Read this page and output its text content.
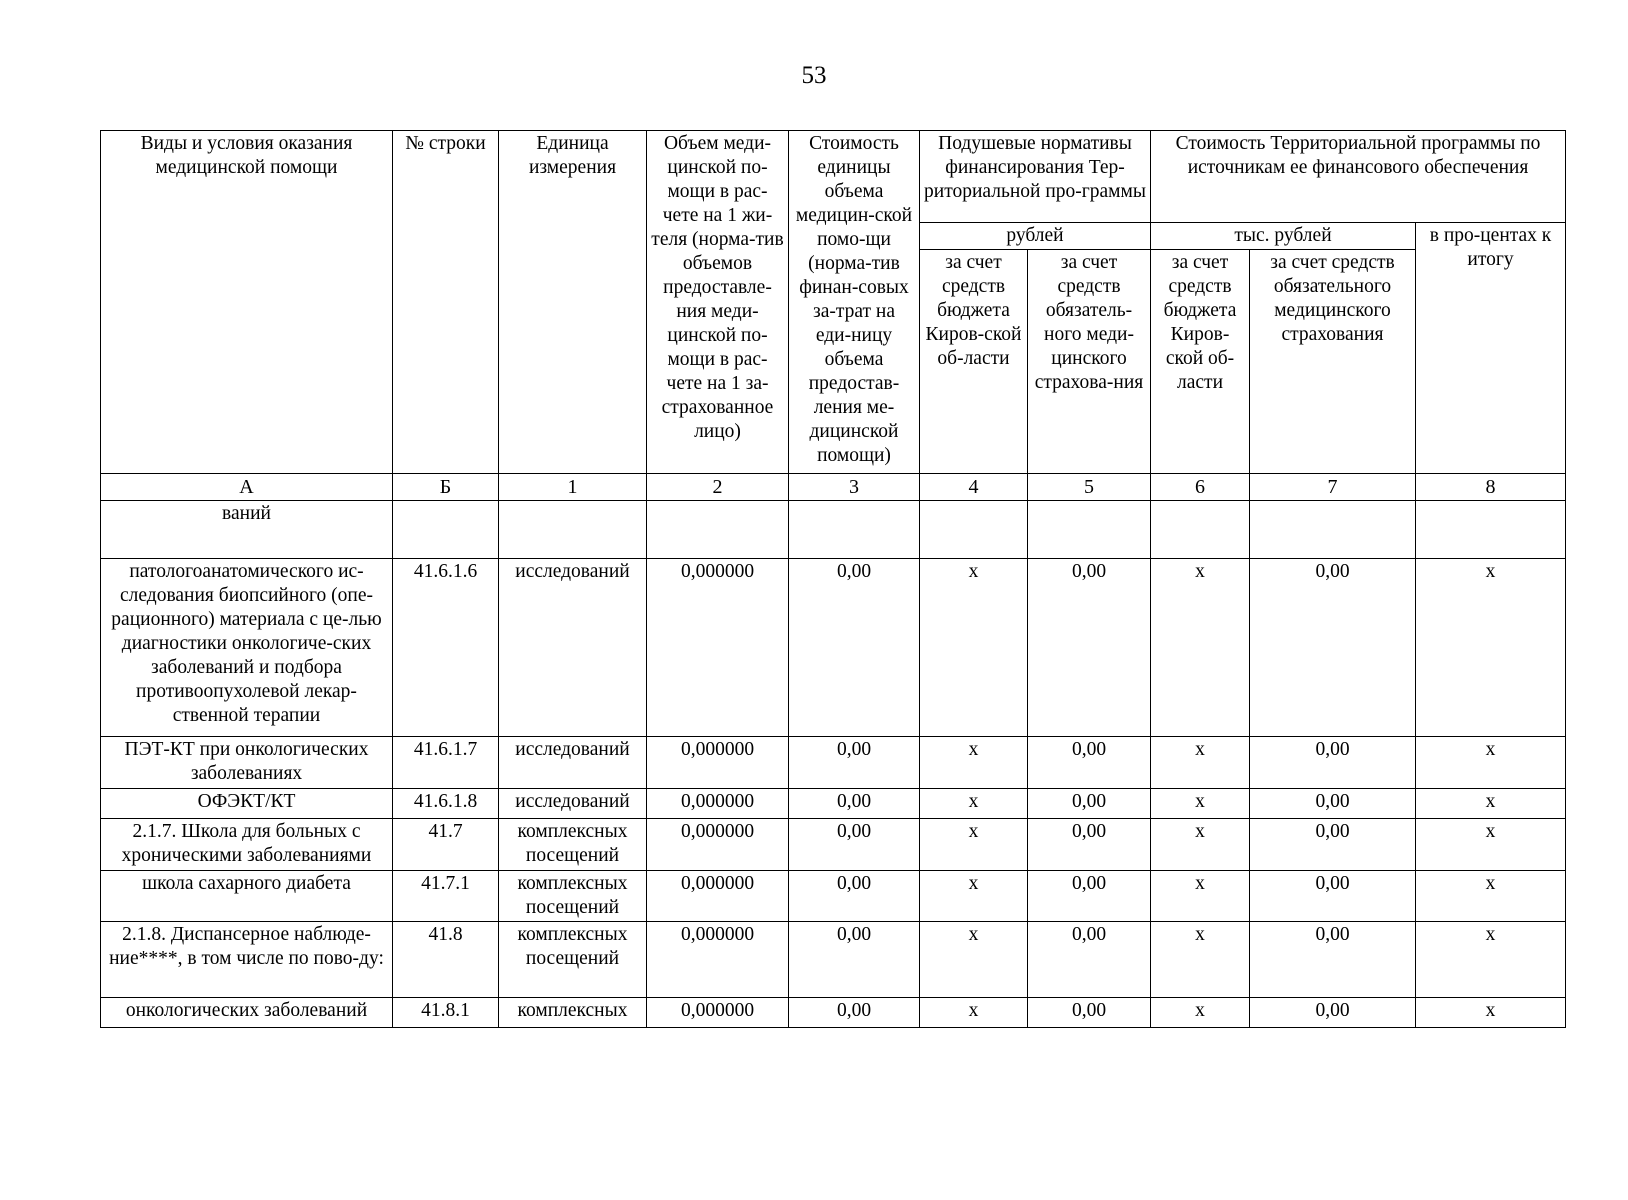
53
Виды и условия оказания медицинской помощи	№ строки	Единица измерения	Объем меди-цинской по-мощи в рас-чете на 1 жи-теля (норма-тив объемов предоставле-ния меди-цинской по-мощи в рас-чете на 1 за-страхованное лицо)	Стоимость единицы объема медицин-ской помо-щи (норма-тив финан-совых за-трат на еди-ницу объема предостав-ления ме-дицинской помощи)	Подушевые нормативы финансирования Тер-риториальной про-граммы		Стоимость Территориальной программы по источникам ее финансового обеспечения		
					рублей		тыс. рублей		в про-центах к итогу
					за счет средств бюджета Киров-ской об-ласти	за счет средств обязатель-ного меди-цинского страхова-ния	за счет средств бюджета Киров-ской об-ласти	за счет средств обязательного медицинского страхования	
А	Б	1	2	3	4	5	6	7	8
ваний									
патологоанатомического ис-следования биопсийного (опе-рационного) материала с це-лью диагностики онкологиче-ских заболеваний и подбора противоопухолевой лекар-ственной терапии	41.6.1.6	исследований	0,000000	0,00	х	0,00	х	0,00	х
ПЭТ-КТ при онкологических заболеваниях	41.6.1.7	исследований	0,000000	0,00	х	0,00	х	0,00	х
ОФЭКТ/КТ	41.6.1.8	исследований	0,000000	0,00	х	0,00	х	0,00	х
2.1.7. Школа для больных с хроническими заболеваниями	41.7	комплексных посещений	0,000000	0,00	х	0,00	х	0,00	х
школа сахарного диабета	41.7.1	комплексных посещений	0,000000	0,00	х	0,00	х	0,00	х
2.1.8. Диспансерное наблюде-ние****, в том числе по пово-ду:	41.8	комплексных посещений	0,000000	0,00	х	0,00	х	0,00	х
онкологических заболеваний	41.8.1	комплексных	0,000000	0,00	х	0,00	х	0,00	х
